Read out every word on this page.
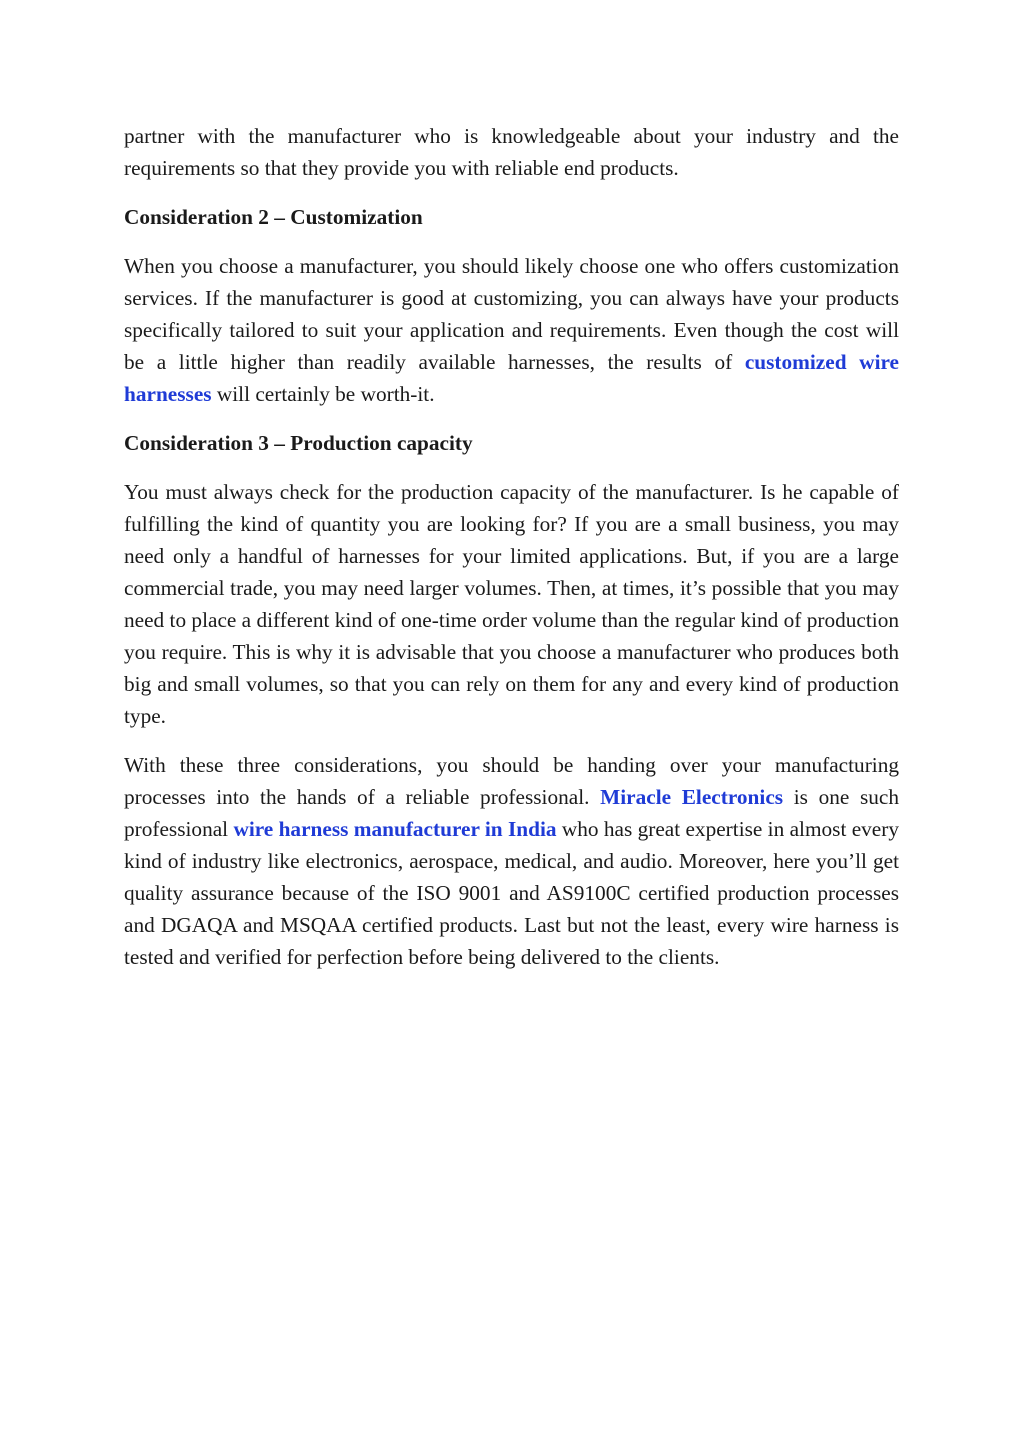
partner with the manufacturer who is knowledgeable about your industry and the requirements so that they provide you with reliable end products.

Consideration 2 – Customization

When you choose a manufacturer, you should likely choose one who offers customization services. If the manufacturer is good at customizing, you can always have your products specifically tailored to suit your application and requirements. Even though the cost will be a little higher than readily available harnesses, the results of customized wire harnesses will certainly be worth-it.

Consideration 3 – Production capacity

You must always check for the production capacity of the manufacturer. Is he capable of fulfilling the kind of quantity you are looking for? If you are a small business, you may need only a handful of harnesses for your limited applications. But, if you are a large commercial trade, you may need larger volumes. Then, at times, it’s possible that you may need to place a different kind of one-time order volume than the regular kind of production you require. This is why it is advisable that you choose a manufacturer who produces both big and small volumes, so that you can rely on them for any and every kind of production type.

With these three considerations, you should be handing over your manufacturing processes into the hands of a reliable professional. Miracle Electronics is one such professional wire harness manufacturer in India who has great expertise in almost every kind of industry like electronics, aerospace, medical, and audio. Moreover, here you’ll get quality assurance because of the ISO 9001 and AS9100C certified production processes and DGAQA and MSQAA certified products. Last but not the least, every wire harness is tested and verified for perfection before being delivered to the clients.
